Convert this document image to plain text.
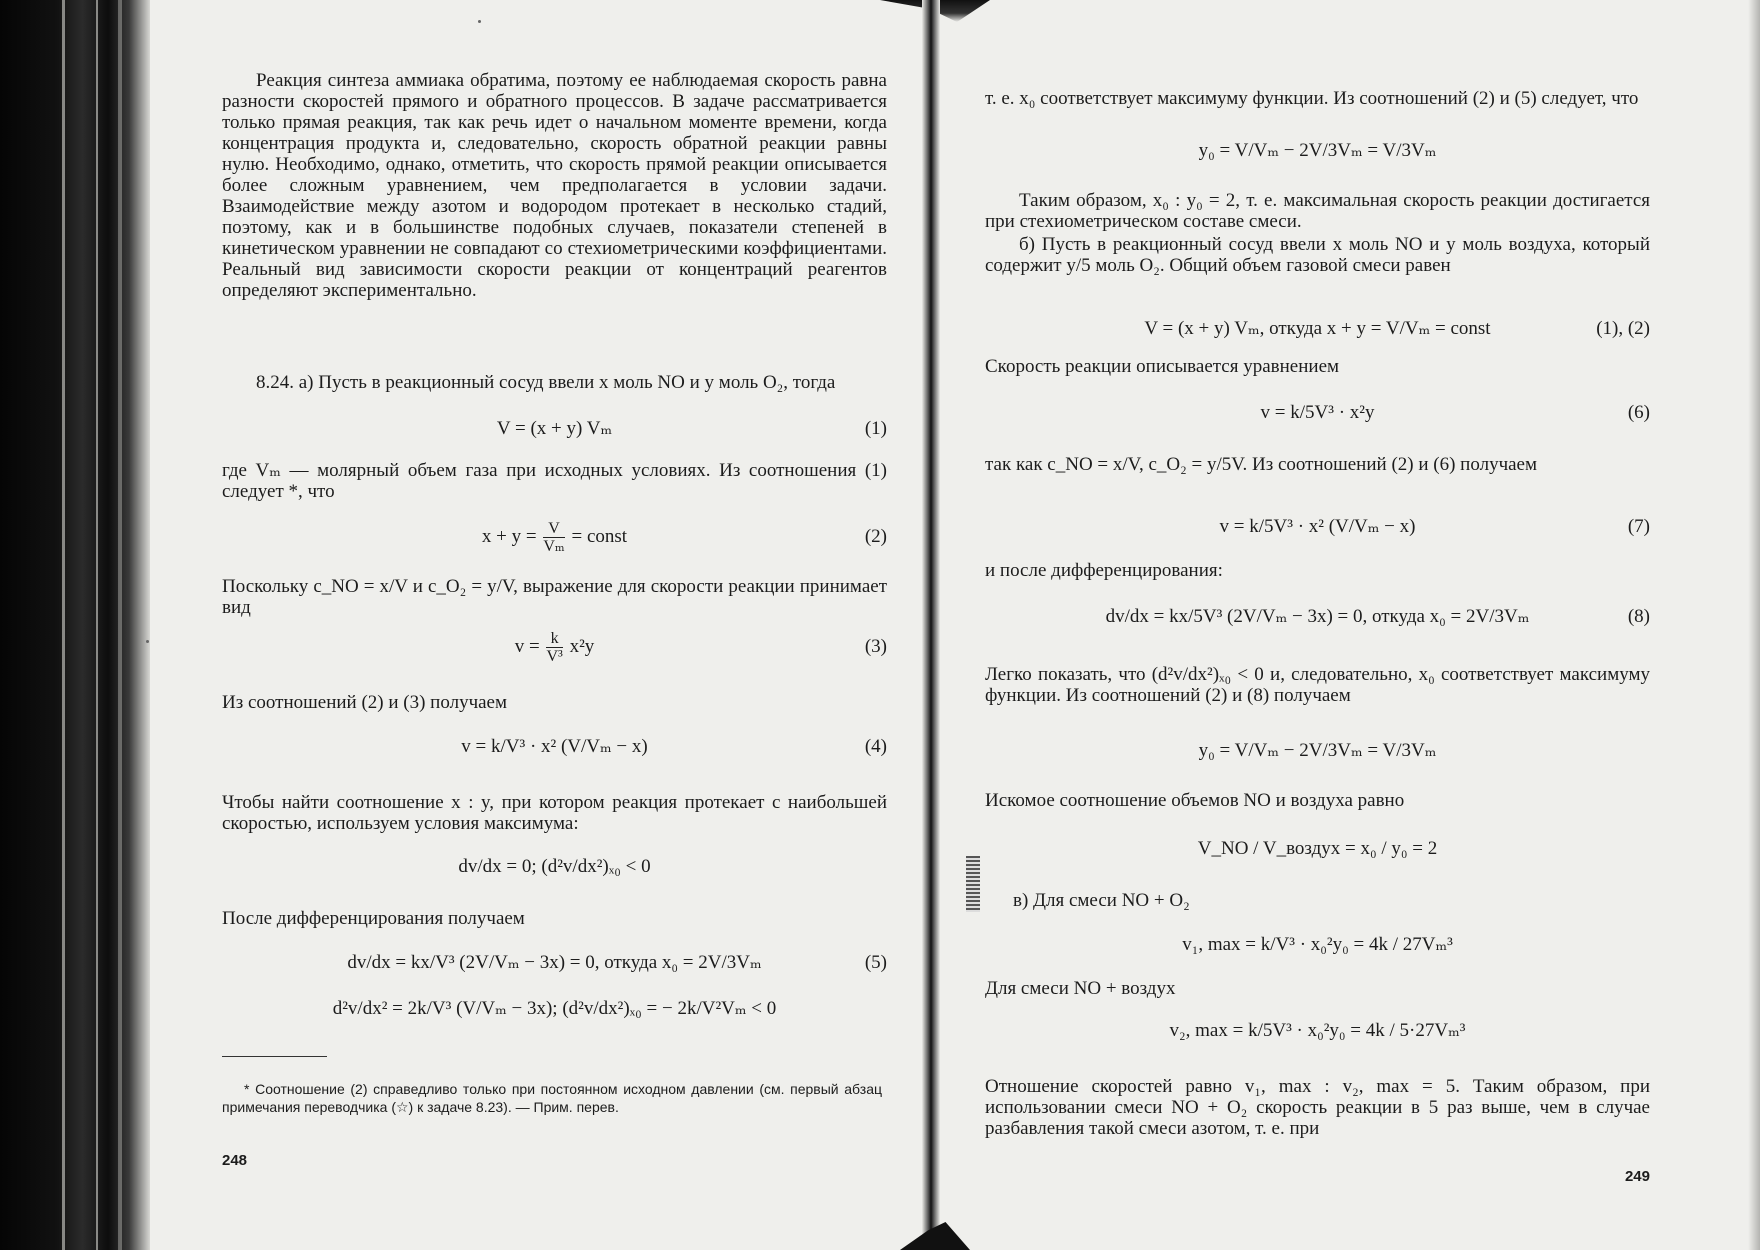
Реакция синтеза аммиака обратима, поэтому ее наблюдаемая скорость равна разности скоростей прямого и обратного процессов. В задаче рассматривается только прямая реакция, так как речь идет о начальном моменте времени, когда концентрация продукта и, следовательно, скорость обратной реакции равны нулю. Необходимо, однако, отметить, что скорость прямой реакции описывается более сложным уравнением, чем предполагается в условии задачи. Взаимодействие между азотом и водородом протекает в несколько стадий, поэтому, как и в большинстве подобных случаев, показатели степеней в кинетическом уравнении не совпадают со стехиометрическими коэффициентами. Реальный вид зависимости скорости реакции от концентраций реагентов определяют экспериментально.

8.24. а) Пусть в реакционный сосуд ввели x моль NO и y моль O₂, тогда

V = (x + y) Vₘ	(1)

где Vₘ — молярный объем газа при исходных условиях. Из соотношения (1) следует *, что

$x + y = \frac{V}{\text{Vₘ}}$ = const	(2)

Поскольку c_NO = x/V и c_O₂ = y/V, выражение для скорости реакции принимает вид

$v = \frac{k}{\text{V³}} x^2y$	(3)

Из соотношений (2) и (3) получаем

v = k/V³ · x² (V/Vₘ − x)	(4)

Чтобы найти соотношение x : y, при котором реакция протекает с наибольшей скоростью, используем условия максимума:

dv/dx = 0; (d²v/dx²)ₓ₀ < 0

После дифференцирования получаем

dv/dx = kx/V³ (2V/Vₘ − 3x) = 0, откуда x₀ = 2V/3Vₘ	(5)
d²v/dx² = 2k/V³ (V/Vₘ − 3x); (d²v/dx²)ₓ₀ = − 2k/V²Vₘ < 0

* Соотношение (2) справедливо только при постоянном исходном давлении (см. первый абзац примечания переводчика (☆) к задаче 8.23). — Прим. перев.

248

т. е. x₀ соответствует максимуму функции. Из соотношений (2) и (5) следует, что

y₀ = V/Vₘ − 2V/3Vₘ = V/3Vₘ

Таким образом, x₀ : y₀ = 2, т. е. максимальная скорость реакции достигается при стехиометрическом составе смеси.

б) Пусть в реакционный сосуд ввели x моль NO и y моль воздуха, который содержит y/5 моль O₂. Общий объем газовой смеси равен

V = (x + y) Vₘ, откуда x + y = V/Vₘ = const	(1), (2)

Скорость реакции описывается уравнением

v = k/5V³ · x²y	(6)

так как c_NO = x/V, c_O₂ = y/5V. Из соотношений (2) и (6) получаем

v = k/5V³ · x² (V/Vₘ − x)	(7)

и после дифференцирования:

dv/dx = kx/5V³ (2V/Vₘ − 3x) = 0, откуда x₀ = 2V/3Vₘ	(8)

Легко показать, что (d²v/dx²)ₓ₀ < 0 и, следовательно, x₀ соответствует максимуму функции. Из соотношений (2) и (8) получаем

y₀ = V/Vₘ − 2V/3Vₘ = V/3Vₘ

Искомое соотношение объемов NO и воздуха равно

V_NO / V_воздух = x₀ / y₀ = 2

в) Для смеси NO + O₂

v₁, max = k/V³ · x₀²y₀ = 4k / 27Vₘ³

Для смеси NO + воздух

v₂, max = k/5V³ · x₀²y₀ = 4k / 5·27Vₘ³

Отношение скоростей равно v₁, max : v₂, max = 5. Таким образом, при использовании смеси NO + O₂ скорость реакции в 5 раз выше, чем в случае разбавления такой смеси азотом, т. е. при

249
